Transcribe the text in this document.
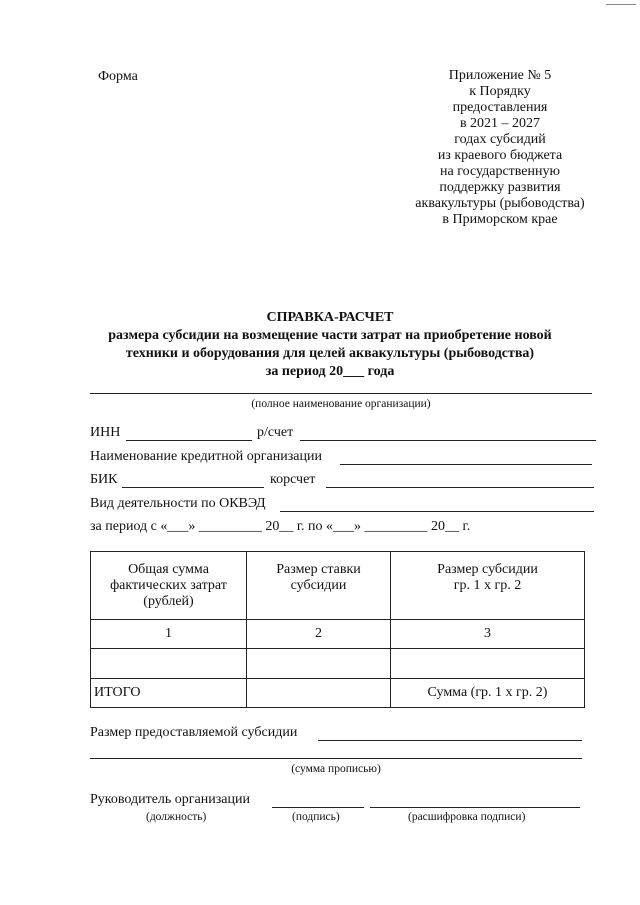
Форма	Приложение № 5
к Порядку
предоставления
в 2021 – 2027
годах субсидий
из краевого бюджета
на государственную
поддержку развития
аквакультуры (рыбоводства)
в Приморском крае
СПРАВКА-РАСЧЕТ
размера субсидии на возмещение части затрат на приобретение новой
техники и оборудования для целей аквакультуры (рыбоводства)
за период 20___ года
(полное наименование организации)
ИНН	р/счет
Наименование кредитной организации
БИК	корсчет
Вид деятельности по ОКВЭД
за период с «___» _________ 20__ г. по «___» _________ 20__ г.
Общая сумма фактических затрат (рублей)	Размер ставки субсидии	Размер субсидии гр. 1 х гр. 2
1	2	3

ИТОГО		Сумма (гр. 1 х гр. 2)
Размер предоставляемой субсидии
(сумма прописью)
Руководитель организации
(должность)	(подпись)	(расшифровка подписи)
